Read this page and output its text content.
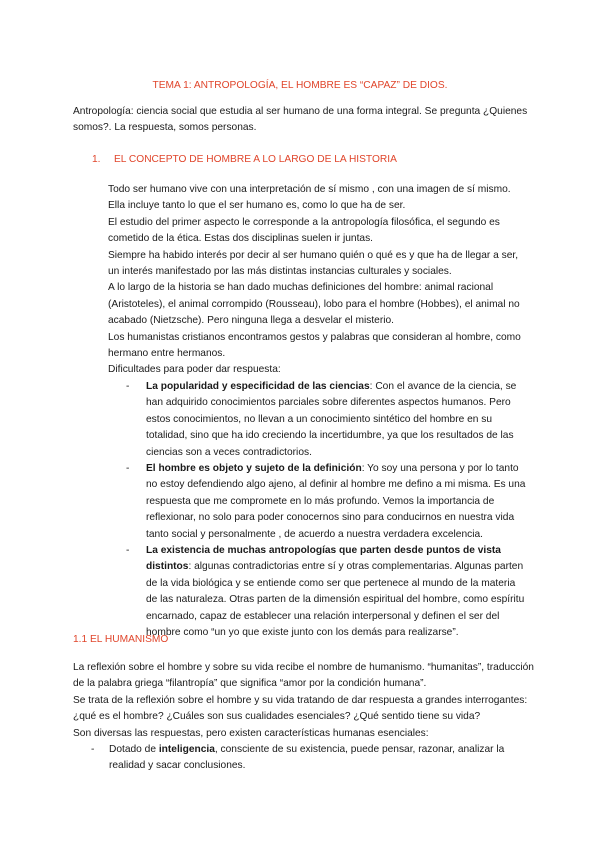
TEMA 1: ANTROPOLOGÍA, EL HOMBRE ES “CAPAZ” DE DIOS.
Antropología: ciencia social que estudia al ser humano de una forma integral. Se pregunta ¿Quienes somos?. La respuesta, somos personas.
1. EL CONCEPTO DE HOMBRE A LO LARGO DE LA HISTORIA

Todo ser humano vive con una interpretación de sí mismo , con una imagen de sí mismo. Ella incluye tanto lo que el ser humano es, como lo que ha de ser.

El estudio del primer aspecto le corresponde a la antropología filosófica, el segundo es cometido de la ética. Estas dos disciplinas suelen ir juntas.

Siempre ha habido interés por decir al ser humano quién o qué es y que ha de llegar a ser, un interés manifestado por las más distintas instancias culturales y sociales.

A lo largo de la historia se han dado muchas definiciones del hombre: animal racional (Aristoteles), el animal corrompido (Rousseau), lobo para el hombre (Hobbes), el animal no acabado (Nietzsche). Pero ninguna llega a desvelar el misterio.

Los humanistas cristianos encontramos gestos y palabras que consideran al hombre, como hermano entre hermanos.

Dificultades para poder dar respuesta:

- La popularidad y especificidad de las ciencias: Con el avance de la ciencia, se han adquirido conocimientos parciales sobre diferentes aspectos humanos. Pero estos conocimientos, no llevan a un conocimiento sintético del hombre en su totalidad, sino que ha ido creciendo la incertidumbre, ya que los resultados de las ciencias son a veces contradictorios.
- El hombre es objeto y sujeto de la definición: Yo soy una persona y por lo tanto no estoy defendiendo algo ajeno, al definir al hombre me defino a mi misma. Es una respuesta que me compromete en lo más profundo. Vemos la importancia de reflexionar, no solo para poder conocernos sino para conducirnos en nuestra vida tanto social y personalmente , de acuerdo a nuestra verdadera excelencia.
- La existencia de muchas antropologías que parten desde puntos de vista distintos: algunas contradictorias entre sí y otras complementarias. Algunas parten de la vida biológica y se entiende como ser que pertenece al mundo de la materia de las naturaleza. Otras parten de la dimensión espiritual del hombre, como espíritu encarnado, capaz de establecer una relación interpersonal y definen el ser del hombre como “un yo que existe junto con los demás para realizarse”.
1.1 EL HUMANISMO

La reflexión sobre el hombre y sobre su vida recibe el nombre de humanismo. “humanitas”, traducción de la palabra griega “filantropía” que significa “amor por la condición humana”.

Se trata de la reflexión sobre el hombre y su vida tratando de dar respuesta a grandes interrogantes: ¿qué es el hombre? ¿Cuáles son sus cualidades esenciales? ¿Qué sentido tiene su vida?

Son diversas las respuestas, pero existen características humanas esenciales:

- Dotado de inteligencia, consciente de su existencia, puede pensar, razonar, analizar la realidad y sacar conclusiones.
